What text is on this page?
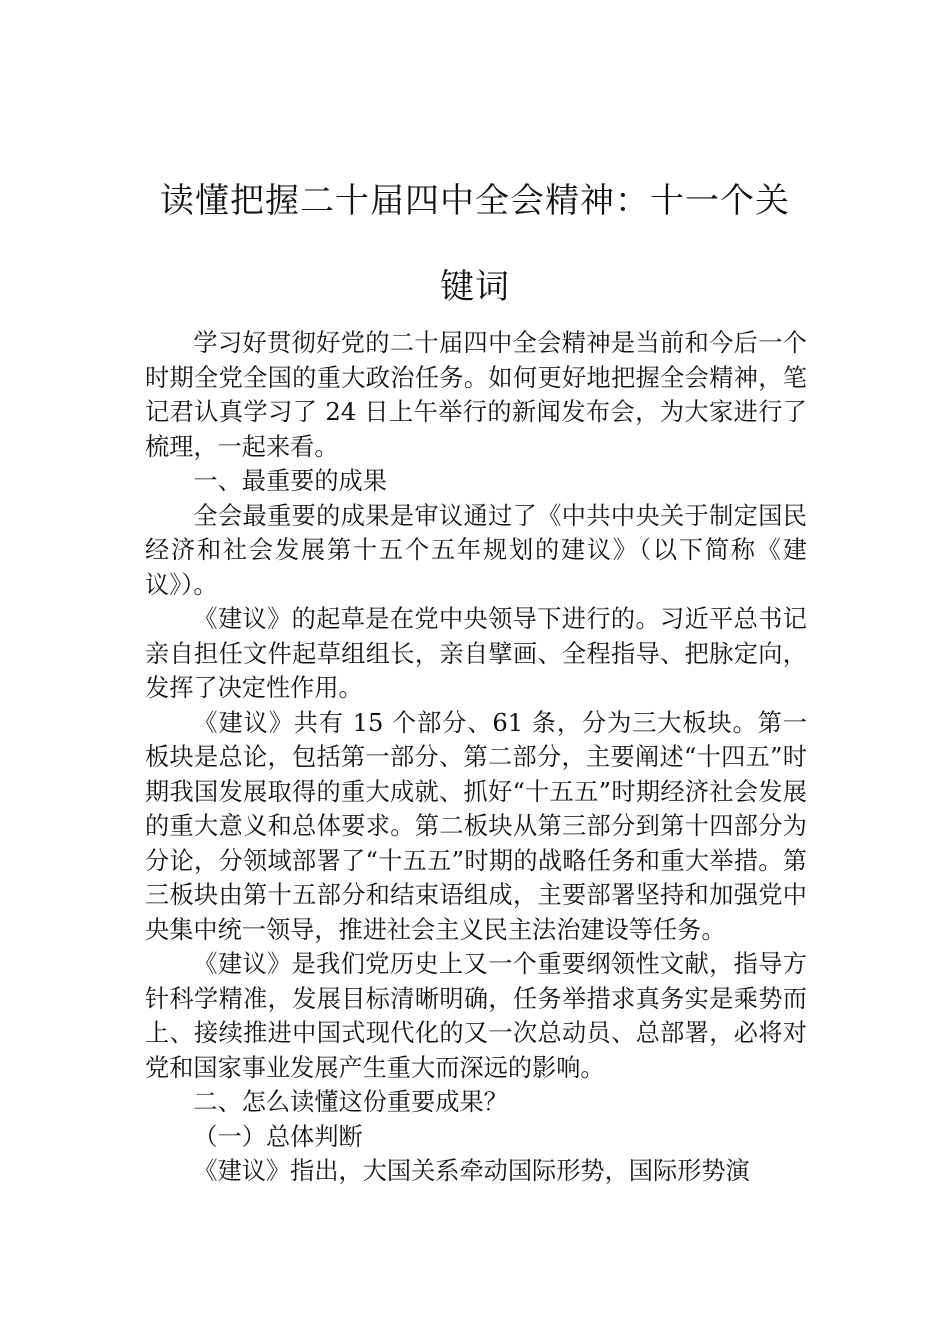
读懂把握二十届四中全会精神：十一个关键词

学习好贯彻好党的二十届四中全会精神是当前和今后一个时期全党全国的重大政治任务。如何更好地把握全会精神，笔记君认真学习了 24 日上午举行的新闻发布会，为大家进行了梳理，一起来看。

一、最重要的成果

全会最重要的成果是审议通过了《中共中央关于制定国民经济和社会发展第十五个五年规划的建议》（以下简称《建议》）。

《建议》的起草是在党中央领导下进行的。习近平总书记亲自担任文件起草组组长，亲自擘画、全程指导、把脉定向，发挥了决定性作用。

《建议》共有 15 个部分、61 条，分为三大板块。第一板块是总论，包括第一部分、第二部分，主要阐述“十四五”时期我国发展取得的重大成就、抓好“十五五”时期经济社会发展的重大意义和总体要求。第二板块从第三部分到第十四部分为分论，分领域部署了“十五五”时期的战略任务和重大举措。第三板块由第十五部分和结束语组成，主要部署坚持和加强党中央集中统一领导，推进社会主义民主法治建设等任务。

《建议》是我们党历史上又一个重要纲领性文献，指导方针科学精准，发展目标清晰明确，任务举措求真务实是乘势而上、接续推进中国式现代化的又一次总动员、总部署，必将对党和国家事业发展产生重大而深远的影响。

二、怎么读懂这份重要成果？

（一）总体判断

《建议》指出，大国关系牵动国际形势，国际形势演
